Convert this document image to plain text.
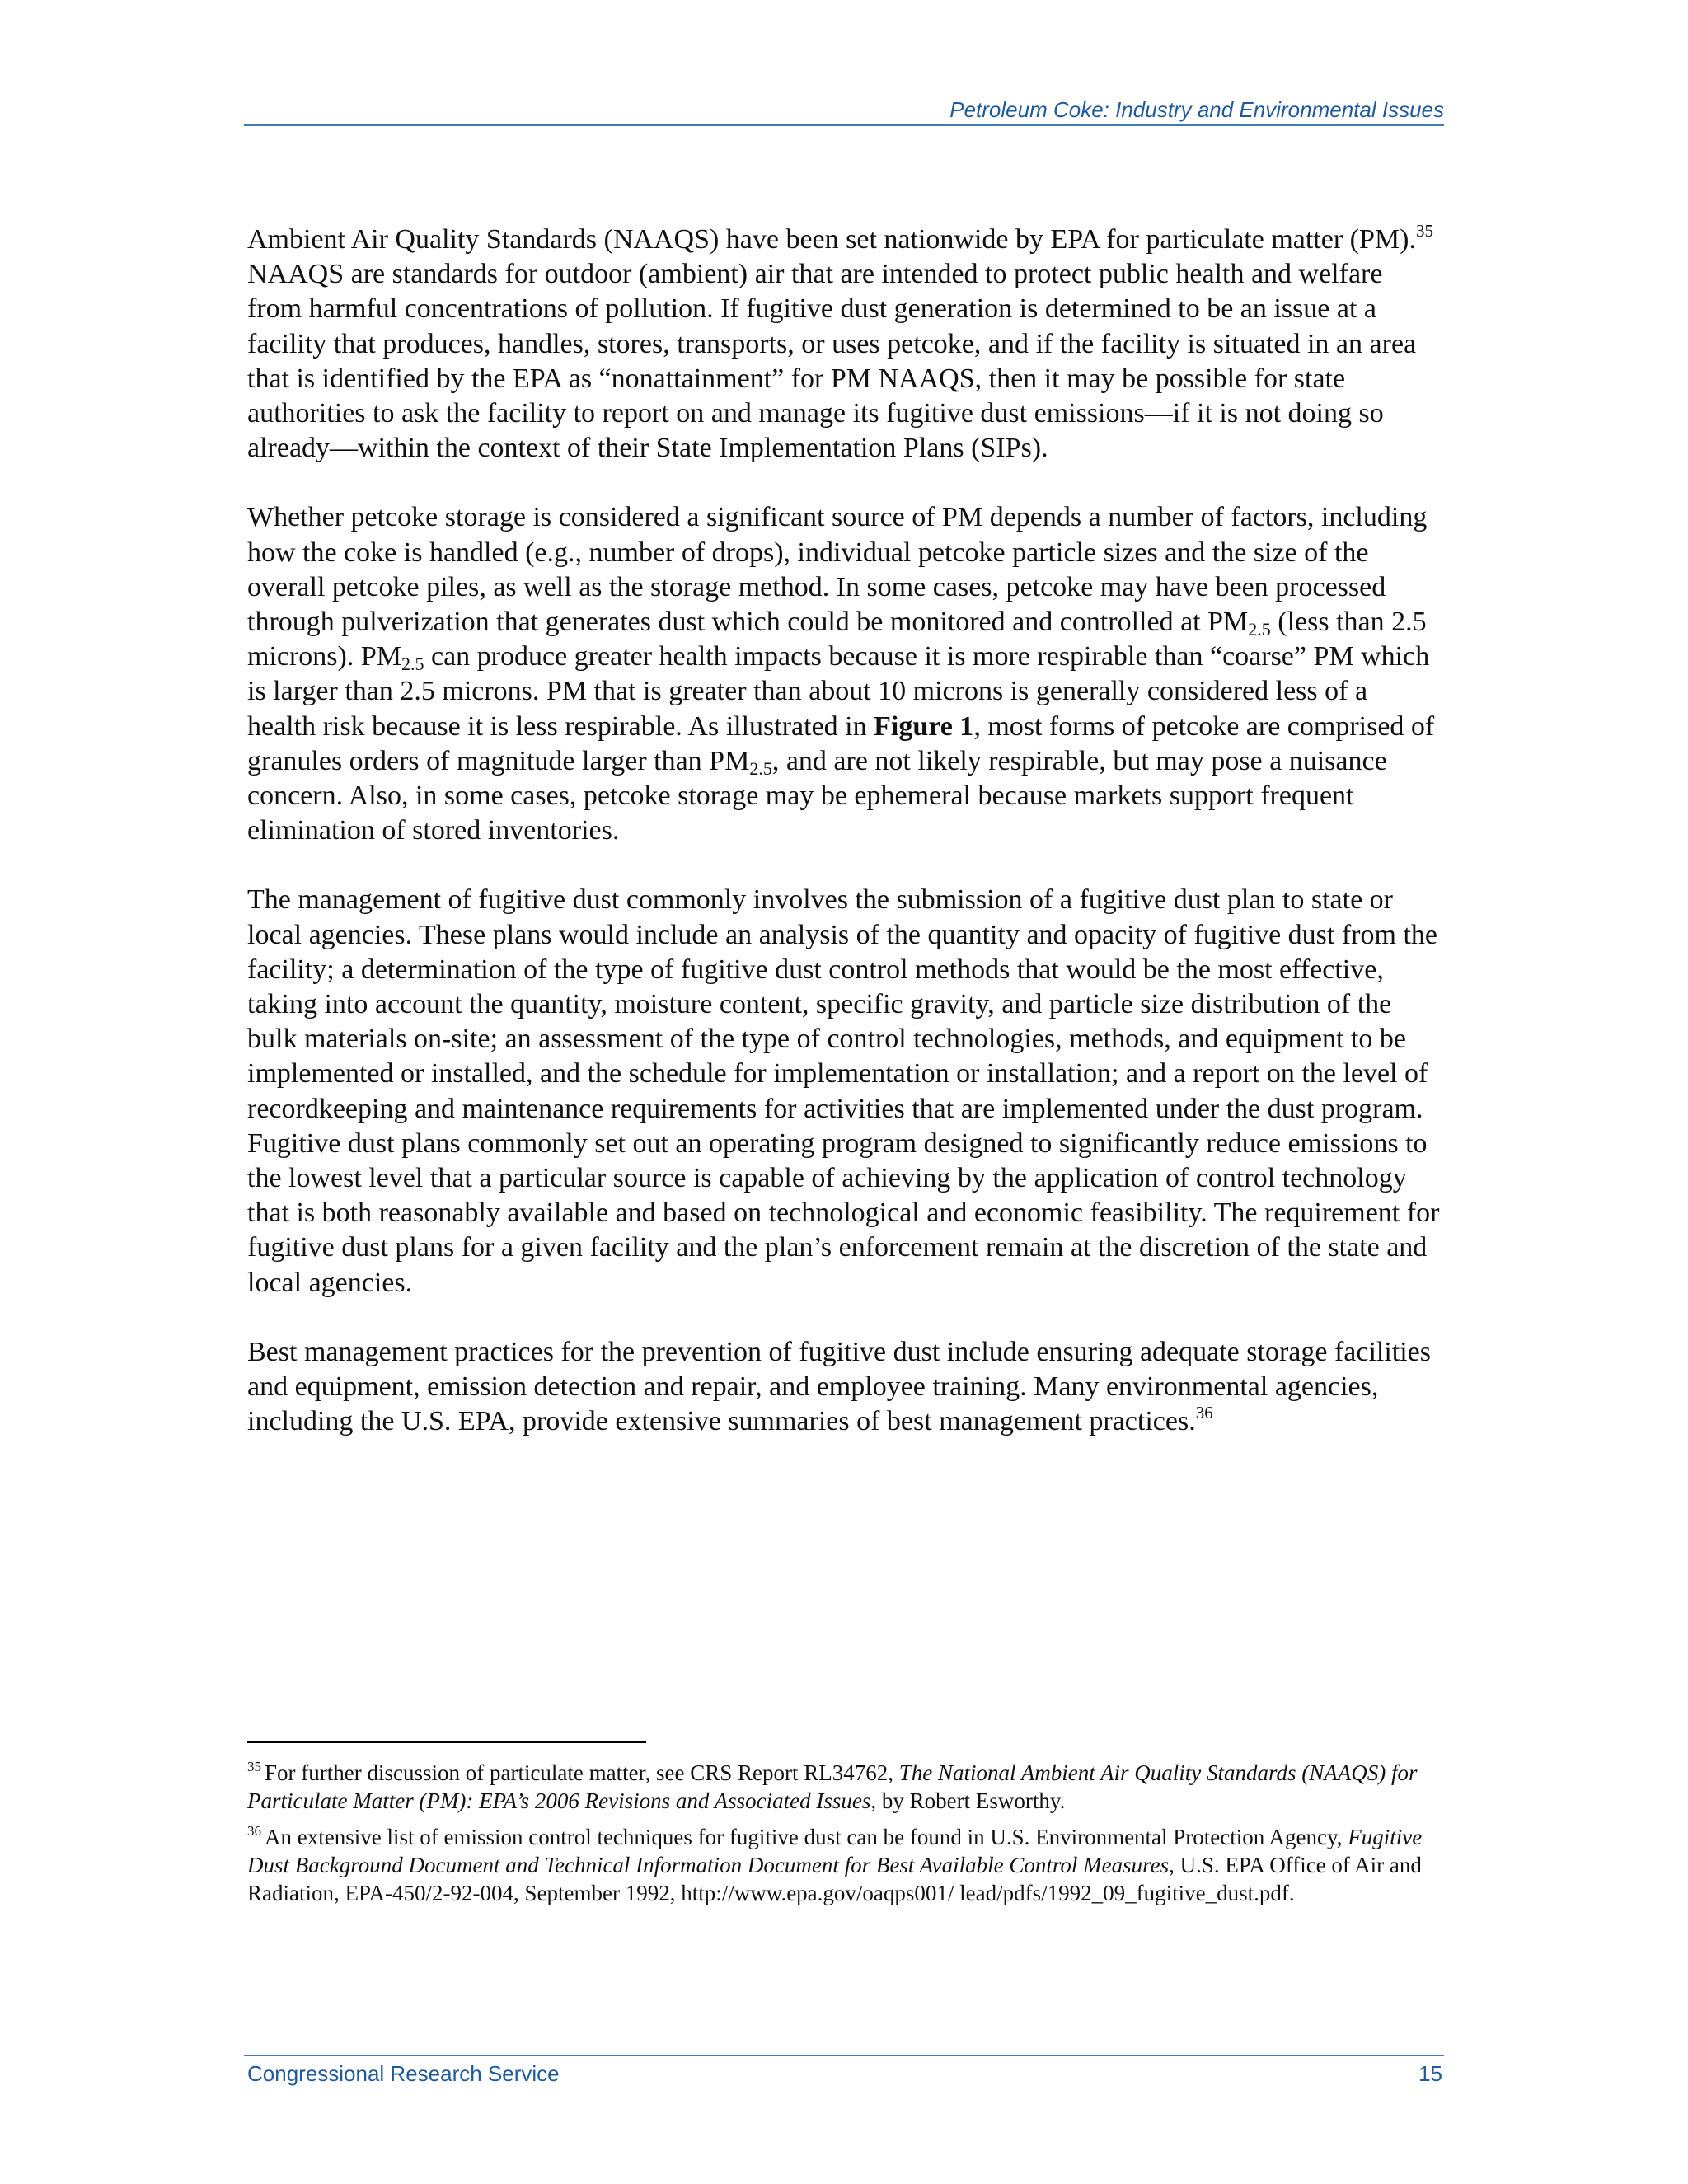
Petroleum Coke: Industry and Environmental Issues

Ambient Air Quality Standards (NAAQS) have been set nationwide by EPA for particulate matter (PM).$^{35}$ NAAQS are standards for outdoor (ambient) air that are intended to protect public health and welfare from harmful concentrations of pollution. If fugitive dust generation is determined to be an issue at a facility that produces, handles, stores, transports, or uses petcoke, and if the facility is situated in an area that is identified by the EPA as “nonattainment” for PM NAAQS, then it may be possible for state authorities to ask the facility to report on and manage its fugitive dust emissions—if it is not doing so already—within the context of their State Implementation Plans (SIPs).

Whether petcoke storage is considered a significant source of PM depends a number of factors, including how the coke is handled (e.g., number of drops), individual petcoke particle sizes and the size of the overall petcoke piles, as well as the storage method. In some cases, petcoke may have been processed through pulverization that generates dust which could be monitored and controlled at $PM_{2.5}$ (less than 2.5 microns). $PM_{2.5}$ can produce greater health impacts because it is more respirable than “coarse” PM which is larger than 2.5 microns. PM that is greater than about 10 microns is generally considered less of a health risk because it is less respirable. As illustrated in Figure 1, most forms of petcoke are comprised of granules orders of magnitude larger than $PM_{2.5}$, and are not likely respirable, but may pose a nuisance concern. Also, in some cases, petcoke storage may be ephemeral because markets support frequent elimination of stored inventories.

The management of fugitive dust commonly involves the submission of a fugitive dust plan to state or local agencies. These plans would include an analysis of the quantity and opacity of fugitive dust from the facility; a determination of the type of fugitive dust control methods that would be the most effective, taking into account the quantity, moisture content, specific gravity, and particle size distribution of the bulk materials on-site; an assessment of the type of control technologies, methods, and equipment to be implemented or installed, and the schedule for implementation or installation; and a report on the level of recordkeeping and maintenance requirements for activities that are implemented under the dust program. Fugitive dust plans commonly set out an operating program designed to significantly reduce emissions to the lowest level that a particular source is capable of achieving by the application of control technology that is both reasonably available and based on technological and economic feasibility. The requirement for fugitive dust plans for a given facility and the plan’s enforcement remain at the discretion of the state and local agencies.

Best management practices for the prevention of fugitive dust include ensuring adequate storage facilities and equipment, emission detection and repair, and employee training. Many environmental agencies, including the U.S. EPA, provide extensive summaries of best management practices.$^{36}$

$^{35}$ For further discussion of particulate matter, see CRS Report RL34762, The National Ambient Air Quality Standards (NAAQS) for Particulate Matter (PM): EPA’s 2006 Revisions and Associated Issues, by Robert Esworthy.

$^{36}$ An extensive list of emission control techniques for fugitive dust can be found in U.S. Environmental Protection Agency, Fugitive Dust Background Document and Technical Information Document for Best Available Control Measures, U.S. EPA Office of Air and Radiation, EPA-450/2-92-004, September 1992, http://www.epa.gov/oaqps001/ lead/pdfs/1992_09_fugitive_dust.pdf.

Congressional Research Service	15
